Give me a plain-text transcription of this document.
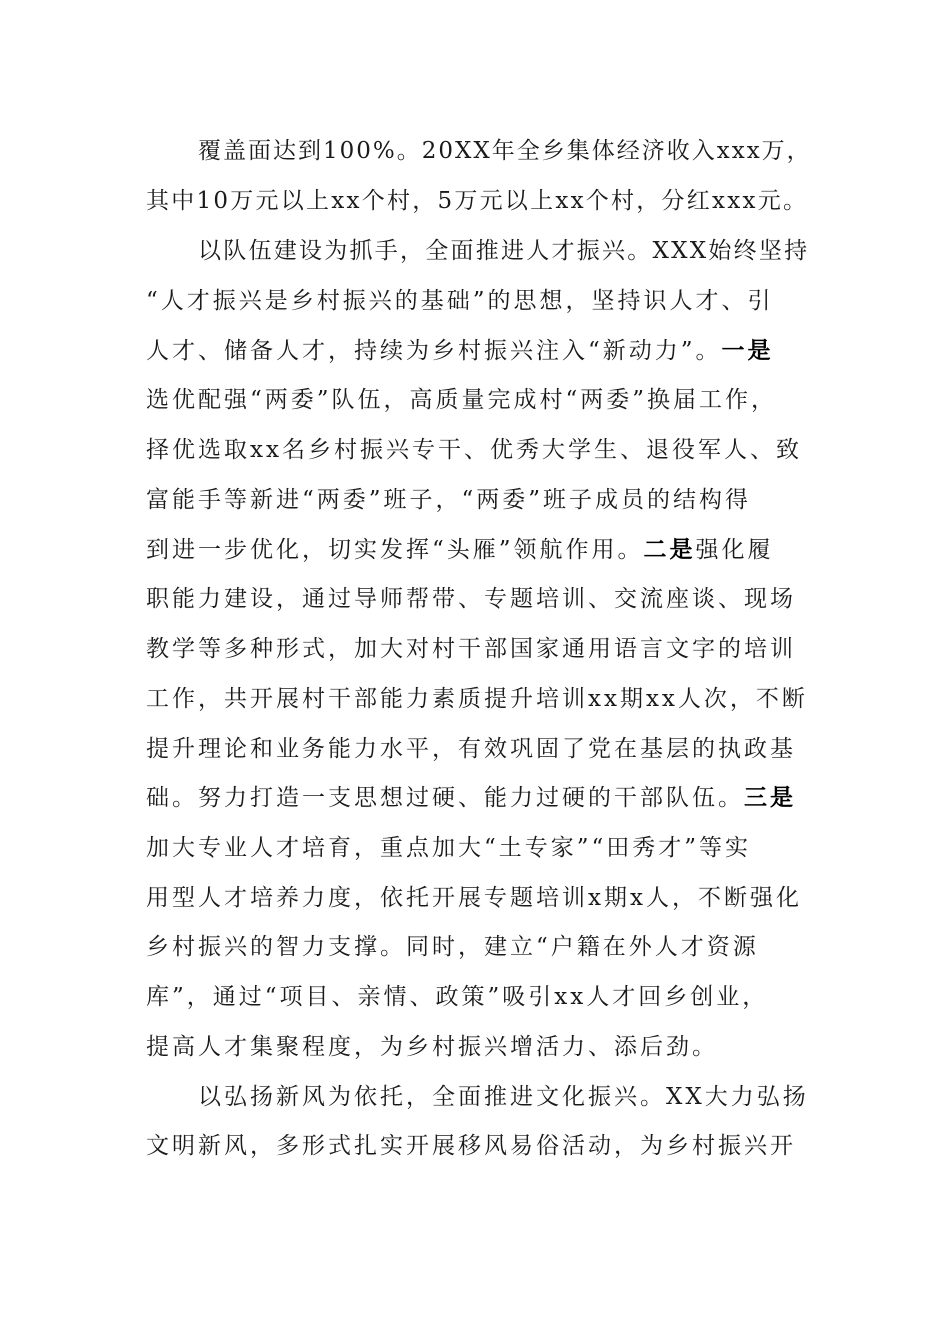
覆盖面达到100%。20XX年全乡集体经济收入xxx万，
其中10万元以上xx个村，5万元以上xx个村，分红xxx元。
以队伍建设为抓手，全面推进人才振兴。XXX始终坚持
“人才振兴是乡村振兴的基础”的思想，坚持识人才、引
人才、储备人才，持续为乡村振兴注入“新动力”。一是
选优配强“两委”队伍，高质量完成村“两委”换届工作，
择优选取xx名乡村振兴专干、优秀大学生、退役军人、致
富能手等新进“两委”班子，“两委”班子成员的结构得
到进一步优化，切实发挥“头雁”领航作用。二是强化履
职能力建设，通过导师帮带、专题培训、交流座谈、现场
教学等多种形式，加大对村干部国家通用语言文字的培训
工作，共开展村干部能力素质提升培训xx期xx人次，不断
提升理论和业务能力水平，有效巩固了党在基层的执政基
础。努力打造一支思想过硬、能力过硬的干部队伍。三是
加大专业人才培育，重点加大“土专家”“田秀才”等实
用型人才培养力度，依托开展专题培训x期x人，不断强化
乡村振兴的智力支撑。同时，建立“户籍在外人才资源
库”，通过“项目、亲情、政策”吸引xx人才回乡创业，
提高人才集聚程度，为乡村振兴增活力、添后劲。
以弘扬新风为依托，全面推进文化振兴。XX大力弘扬
文明新风，多形式扎实开展移风易俗活动，为乡村振兴开
